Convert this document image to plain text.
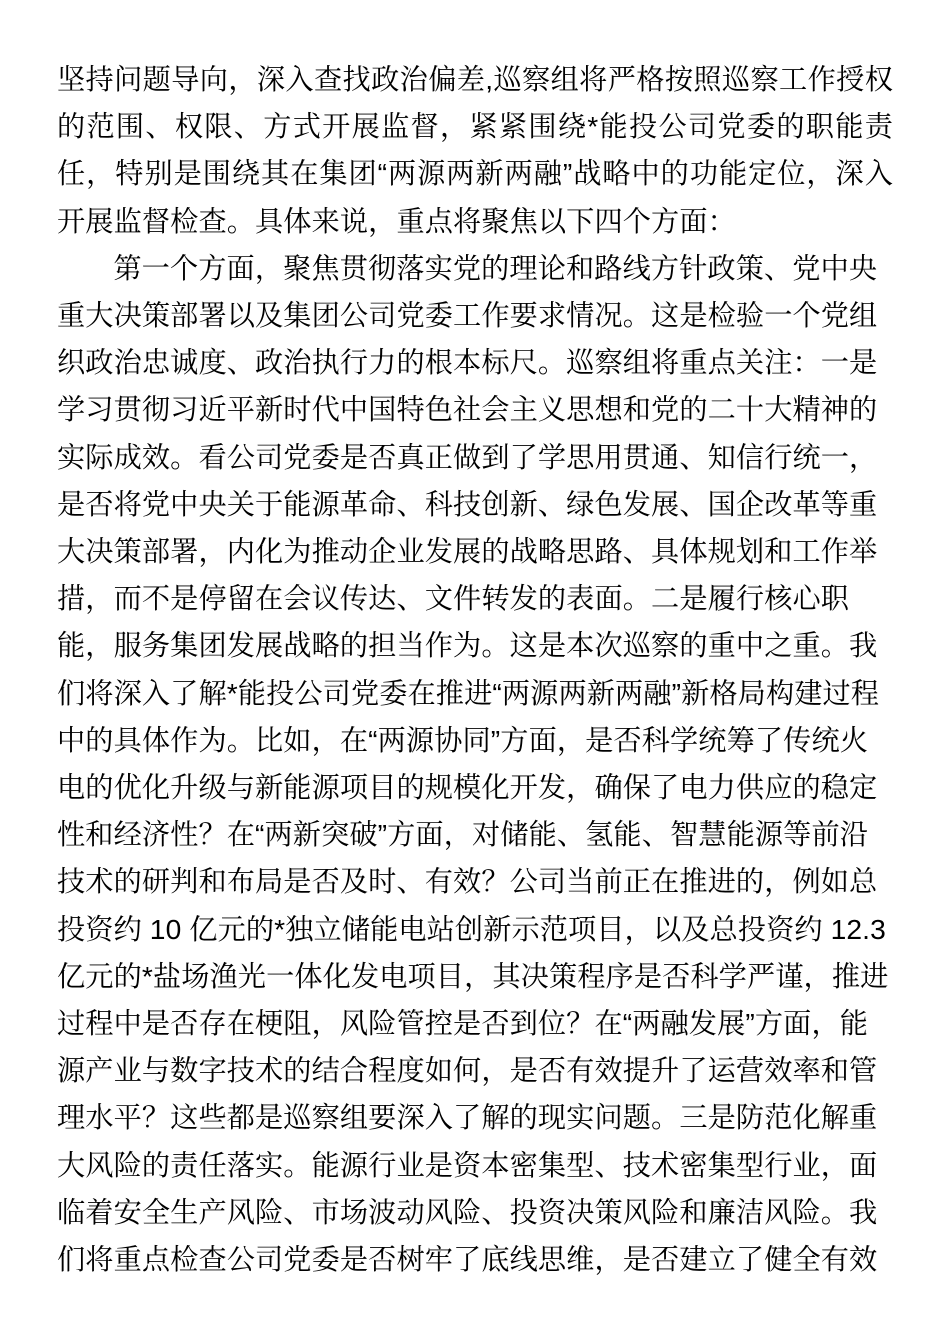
坚持问题导向，深入查找政治偏差,巡察组将严格按照巡察工作授权的范围、权限、方式开展监督，紧紧围绕*能投公司党委的职能责任，特别是围绕其在集团“两源两新两融”战略中的功能定位，深入开展监督检查。具体来说，重点将聚焦以下四个方面：

第一个方面，聚焦贯彻落实党的理论和路线方针政策、党中央重大决策部署以及集团公司党委工作要求情况。这是检验一个党组织政治忠诚度、政治执行力的根本标尺。巡察组将重点关注：一是学习贯彻习近平新时代中国特色社会主义思想和党的二十大精神的实际成效。看公司党委是否真正做到了学思用贯通、知信行统一，是否将党中央关于能源革命、科技创新、绿色发展、国企改革等重大决策部署，内化为推动企业发展的战略思路、具体规划和工作举措，而不是停留在会议传达、文件转发的表面。二是履行核心职能，服务集团发展战略的担当作为。这是本次巡察的重中之重。我们将深入了解*能投公司党委在推进“两源两新两融”新格局构建过程中的具体作为。比如，在“两源协同”方面，是否科学统筹了传统火电的优化升级与新能源项目的规模化开发，确保了电力供应的稳定性和经济性？在“两新突破”方面，对储能、氢能、智慧能源等前沿技术的研判和布局是否及时、有效？公司当前正在推进的，例如总投资约 10 亿元的*独立储能电站创新示范项目，以及总投资约 12.3 亿元的*盐场渔光一体化发电项目，其决策程序是否科学严谨，推进过程中是否存在梗阻，风险管控是否到位？在“两融发展”方面，能源产业与数字技术的结合程度如何，是否有效提升了运营效率和管理水平？这些都是巡察组要深入了解的现实问题。三是防范化解重大风险的责任落实。能源行业是资本密集型、技术密集型行业，面临着安全生产风险、市场波动风险、投资决策风险和廉洁风险。我们将重点检查公司党委是否树牢了底线思维，是否建立了健全有效
